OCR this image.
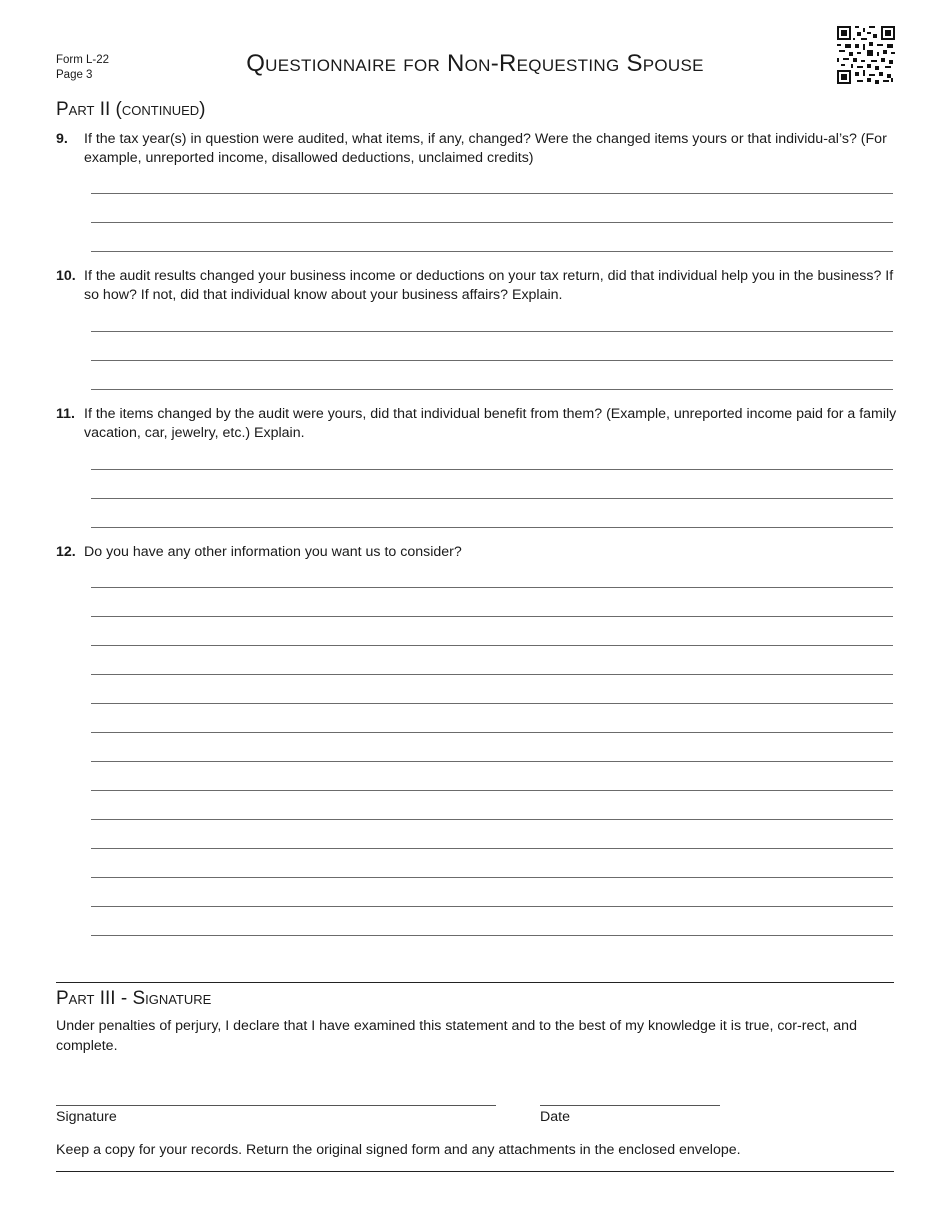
Form L-22
Page 3	Questionnaire for Non-Requesting Spouse
Part II (continued)
9. If the tax year(s) in question were audited, what items, if any, changed? Were the changed items yours or that individu-al’s? (For example, unreported income, disallowed deductions, unclaimed credits)
10. If the audit results changed your business income or deductions on your tax return, did that individual help you in the business? If so how? If not, did that individual know about your business affairs? Explain.
11. If the items changed by the audit were yours, did that individual benefit from them? (Example, unreported income paid for a family vacation, car, jewelry, etc.) Explain.
12. Do you have any other information you want us to consider?
Part III - Signature
Under penalties of perjury, I declare that I have examined this statement and to the best of my knowledge it is true, cor-rect, and complete.
Signature	Date
Keep a copy for your records. Return the original signed form and any attachments in the enclosed envelope.
